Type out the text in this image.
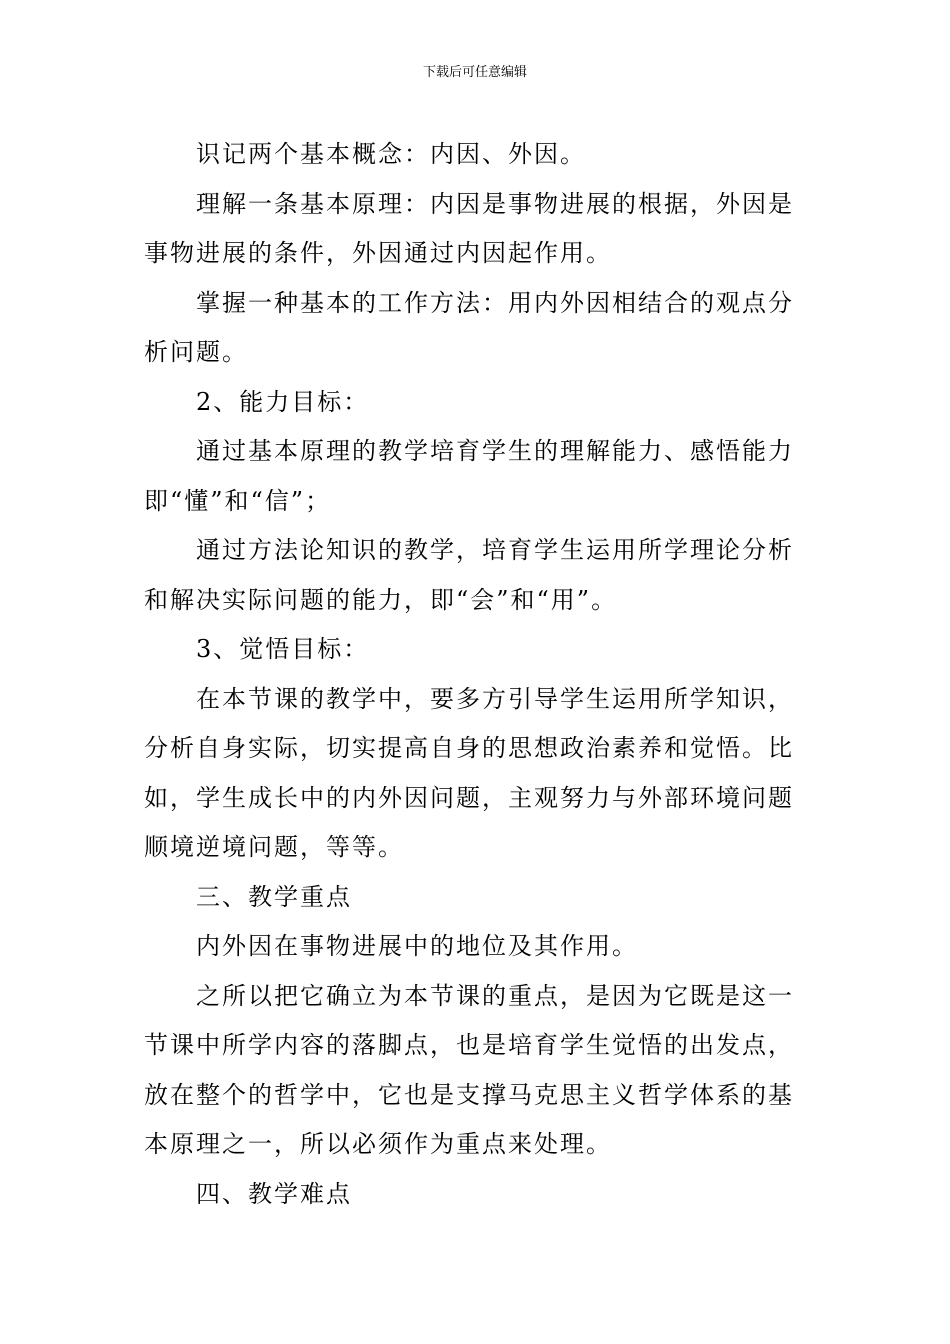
下载后可任意编辑

识记两个基本概念：内因、外因。

理解一条基本原理：内因是事物进展的根据，外因是

事物进展的条件，外因通过内因起作用。

掌握一种基本的工作方法：用内外因相结合的观点分

析问题。

2、能力目标：

通过基本原理的教学培育学生的理解能力、感悟能力

即“懂”和“信”；

通过方法论知识的教学，培育学生运用所学理论分析

和解决实际问题的能力，即“会”和“用”。

3、觉悟目标：

在本节课的教学中，要多方引导学生运用所学知识，

分析自身实际，切实提高自身的思想政治素养和觉悟。比

如，学生成长中的内外因问题，主观努力与外部环境问题

顺境逆境问题，等等。

三、教学重点

内外因在事物进展中的地位及其作用。

之所以把它确立为本节课的重点，是因为它既是这一

节课中所学内容的落脚点，也是培育学生觉悟的出发点，

放在整个的哲学中，它也是支撑马克思主义哲学体系的基

本原理之一，所以必须作为重点来处理。

四、教学难点
